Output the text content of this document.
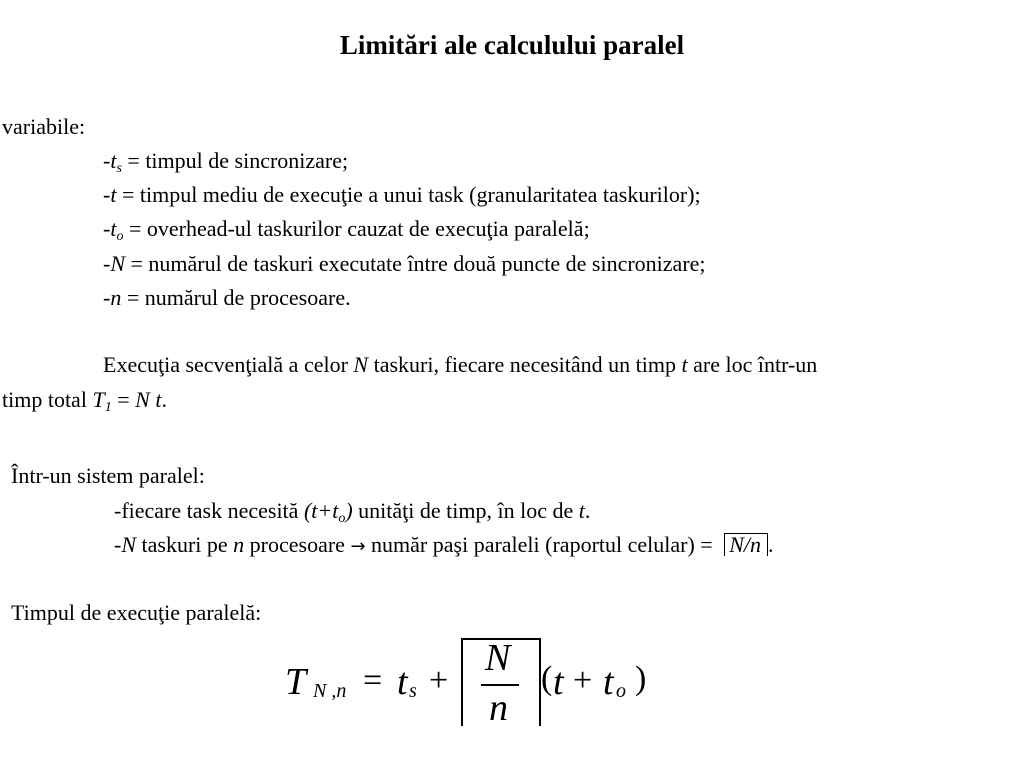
Limitări ale calculului paralel
variabile:
$-t_s$ = timpul de sincronizare;
-t = timpul mediu de execuţie a unui task (granularitatea taskurilor);
$-t_o$ = overhead-ul taskurilor cauzat de execuţia paralelă;
-N = numărul de taskuri executate între două puncte de sincronizare;
-n = numărul de procesoare.
Execuţia secvenţială a celor N taskuri, fiecare necesitând un timp t are loc într-un
timp total $T_1 = N$ t.
Într-un sistem paralel:
-fiecare task necesită $(t+t_o)$ unităţi de timp, în loc de t.
-N taskuri pe n procesoare → număr paşi paraleli (raportul celular) = N/n .
Timpul de execuţie paralelă:
T N ,n = t s +
N
n
( t + t o )
